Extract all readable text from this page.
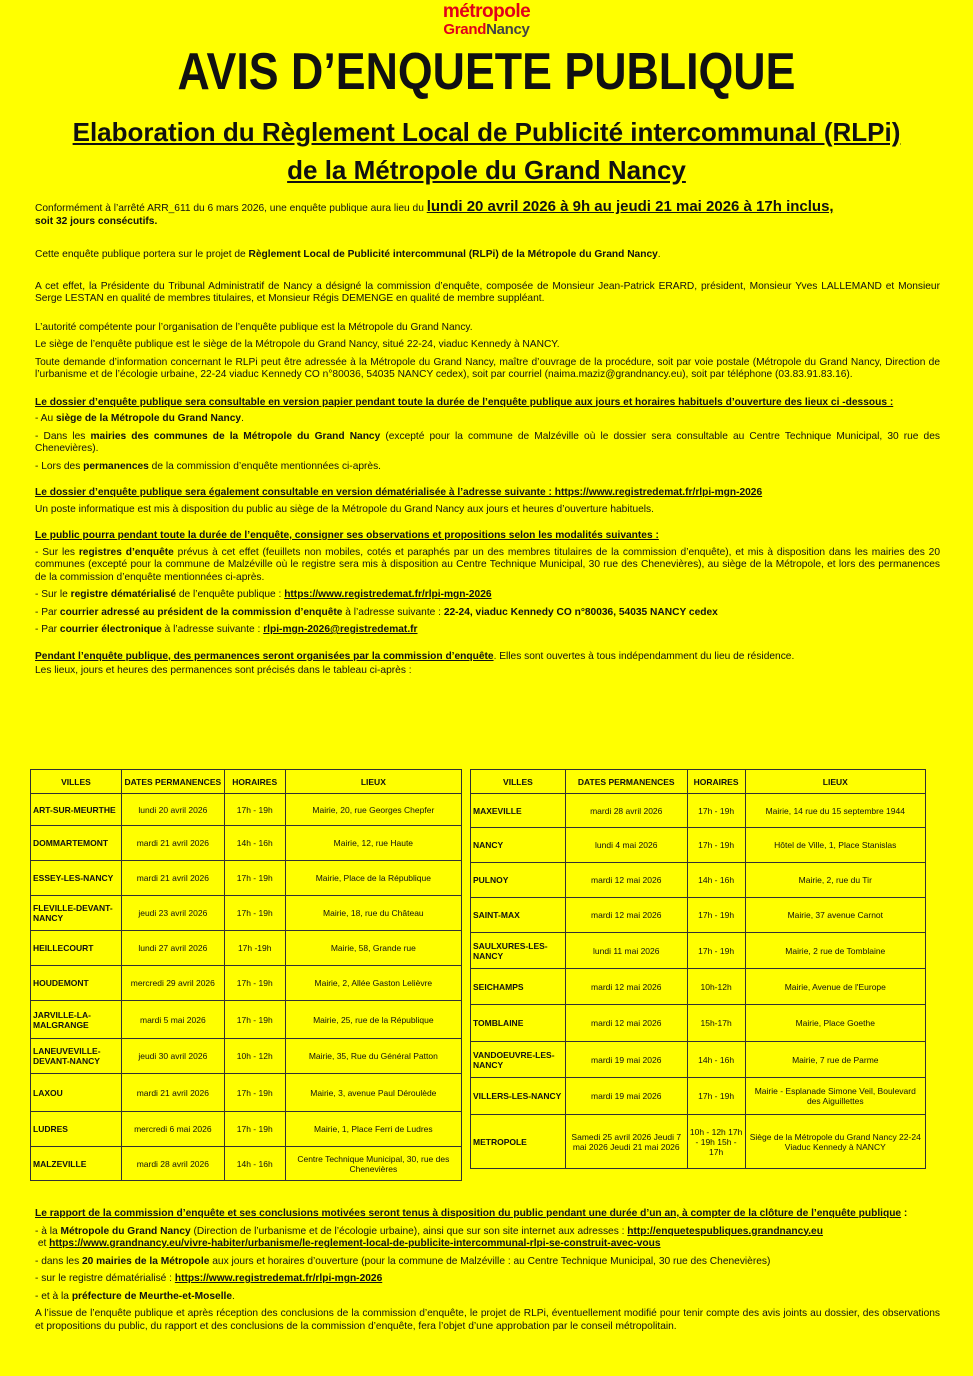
métropole
GrandNancy
AVIS D’ENQUETE PUBLIQUE
Elaboration du Règlement Local de Publicité intercommunal (RLPi)
de la Métropole du Grand Nancy

Conformément à l’arrêté ARR_611 du 6 mars 2026, une enquête publique aura lieu du lundi 20 avril 2026 à 9h au jeudi 21 mai 2026 à 17h inclus,
soit 32 jours consécutifs.

Cette enquête publique portera sur le projet de Règlement Local de Publicité intercommunal (RLPi) de la Métropole du Grand Nancy.

A cet effet, la Présidente du Tribunal Administratif de Nancy a désigné la commission d’enquête, composée de Monsieur Jean-Patrick ERARD, président, Monsieur Yves LALLEMAND et Monsieur Serge LESTAN en qualité de membres titulaires, et Monsieur Régis DEMENGE en qualité de membre suppléant.

L’autorité compétente pour l’organisation de l’enquête publique est la Métropole du Grand Nancy.

Le siège de l’enquête publique est le siège de la Métropole du Grand Nancy, situé 22-24, viaduc Kennedy à NANCY.

Toute demande d’information concernant le RLPi peut être adressée à la Métropole du Grand Nancy, maître d’ouvrage de la procédure, soit par voie postale (Métropole du Grand Nancy, Direction de l’urbanisme et de l’écologie urbaine, 22-24 viaduc Kennedy CO n°80036, 54035 NANCY cedex), soit par courriel (naima.maziz@grandnancy.eu), soit par téléphone (03.83.91.83.16).

Le dossier d’enquête publique sera consultable en version papier pendant toute la durée de l’enquête publique aux jours et horaires habituels d’ouverture des lieux ci -dessous :

- Au siège de la Métropole du Grand Nancy.

- Dans les mairies des communes de la Métropole du Grand Nancy (excepté pour la commune de Malzéville où le dossier sera consultable au Centre Technique Municipal, 30 rue des Chenevières).

- Lors des permanences de la commission d’enquête mentionnées ci-après.

Le dossier d’enquête publique sera également consultable en version dématérialisée à l’adresse suivante : https://www.registredemat.fr/rlpi-mgn-2026

Un poste informatique est mis à disposition du public au siège de la Métropole du Grand Nancy aux jours et heures d’ouverture habituels.

Le public pourra pendant toute la durée de l’enquête, consigner ses observations et propositions selon les modalités suivantes :

- Sur les registres d’enquête prévus à cet effet (feuillets non mobiles, cotés et paraphés par un des membres titulaires de la commission d’enquête), et mis à disposition dans les mairies des 20 communes (excepté pour la commune de Malzéville où le registre sera mis à disposition au Centre Technique Municipal, 30 rue des Chenevières), au siège de la Métropole, et lors des permanences de la commission d’enquête mentionnées ci-après.

- Sur le registre dématérialisé de l’enquête publique : https://www.registredemat.fr/rlpi-mgn-2026

- Par courrier adressé au président de la commission d’enquête à l’adresse suivante : 22-24, viaduc Kennedy CO n°80036, 54035 NANCY cedex

- Par courrier électronique à l’adresse suivante : rlpi-mgn-2026@registredemat.fr

Pendant l’enquête publique, des permanences seront organisées par la commission d’enquête. Elles sont ouvertes à tous indépendamment du lieu de résidence.

Les lieux, jours et heures des permanences sont précisés dans le tableau ci-après :

VILLES	DATES PERMANENCES	HORAIRES	LIEUX
ART-SUR-MEURTHE	lundi 20 avril 2026	17h - 19h	Mairie, 20, rue Georges Chepfer
DOMMARTEMONT	mardi 21 avril 2026	14h - 16h	Mairie, 12, rue Haute
ESSEY-LES-NANCY	mardi 21 avril 2026	17h - 19h	Mairie, Place de la République
FLEVILLE-DEVANT-NANCY	jeudi 23 avril 2026	17h - 19h	Mairie, 18, rue du Château
HEILLECOURT	lundi 27 avril 2026	17h -19h	Mairie, 58, Grande rue
HOUDEMONT	mercredi 29 avril 2026	17h - 19h	Mairie, 2, Allée Gaston Lelièvre
JARVILLE-LA-MALGRANGE	mardi 5 mai 2026	17h - 19h	Mairie, 25, rue de la République
LANEUVEVILLE-DEVANT-NANCY	jeudi 30 avril 2026	10h - 12h	Mairie, 35, Rue du Général Patton
LAXOU	mardi 21 avril 2026	17h - 19h	Mairie, 3, avenue Paul Déroulède
LUDRES	mercredi 6 mai 2026	17h - 19h	Mairie, 1, Place Ferri de Ludres
MALZEVILLE	mardi 28 avril 2026	14h - 16h	Centre Technique Municipal, 30, rue des Chenevières
VILLES	DATES PERMANENCES	HORAIRES	LIEUX
MAXEVILLE	mardi 28 avril 2026	17h - 19h	Mairie, 14 rue du 15 septembre 1944
NANCY	lundi 4 mai 2026	17h - 19h	Hôtel de Ville, 1, Place Stanislas
PULNOY	mardi 12 mai 2026	14h - 16h	Mairie, 2, rue du Tir
SAINT-MAX	mardi 12 mai 2026	17h - 19h	Mairie, 37 avenue Carnot
SAULXURES-LES-NANCY	lundi 11 mai 2026	17h - 19h	Mairie, 2 rue de Tomblaine
SEICHAMPS	mardi 12 mai 2026	10h-12h	Mairie, Avenue de l'Europe
TOMBLAINE	mardi 12 mai 2026	15h-17h	Mairie, Place Goethe
VANDOEUVRE-LES-NANCY	mardi 19 mai 2026	14h - 16h	Mairie, 7 rue de Parme
VILLERS-LES-NANCY	mardi 19 mai 2026	17h - 19h	Mairie - Esplanade Simone Veil, Boulevard des Aiguillettes
METROPOLE	Samedi 25 avril 2026 Jeudi 7 mai 2026 Jeudi 21 mai 2026	10h - 12h 17h - 19h 15h - 17h	Siège de la Métropole du Grand Nancy 22-24 Viaduc Kennedy à NANCY

Le rapport de la commission d’enquête et ses conclusions motivées seront tenus à disposition du public pendant une durée d’un an, à compter de la clôture de l’enquête publique :

- à la Métropole du Grand Nancy (Direction de l’urbanisme et de l’écologie urbaine), ainsi que sur son site internet aux adresses : http://enquetespubliques.grandnancy.eu
et https://www.grandnancy.eu/vivre-habiter/urbanisme/le-reglement-local-de-publicite-intercommunal-rlpi-se-construit-avec-vous

- dans les 20 mairies de la Métropole aux jours et horaires d’ouverture (pour la commune de Malzéville : au Centre Technique Municipal, 30 rue des Chenevières)

- sur le registre dématérialisé : https://www.registredemat.fr/rlpi-mgn-2026

- et à la préfecture de Meurthe-et-Moselle.

A l’issue de l’enquête publique et après réception des conclusions de la commission d’enquête, le projet de RLPi, éventuellement modifié pour tenir compte des avis joints au dossier, des observations et propositions du public, du rapport et des conclusions de la commission d’enquête, fera l’objet d’une approbation par le conseil métropolitain.
